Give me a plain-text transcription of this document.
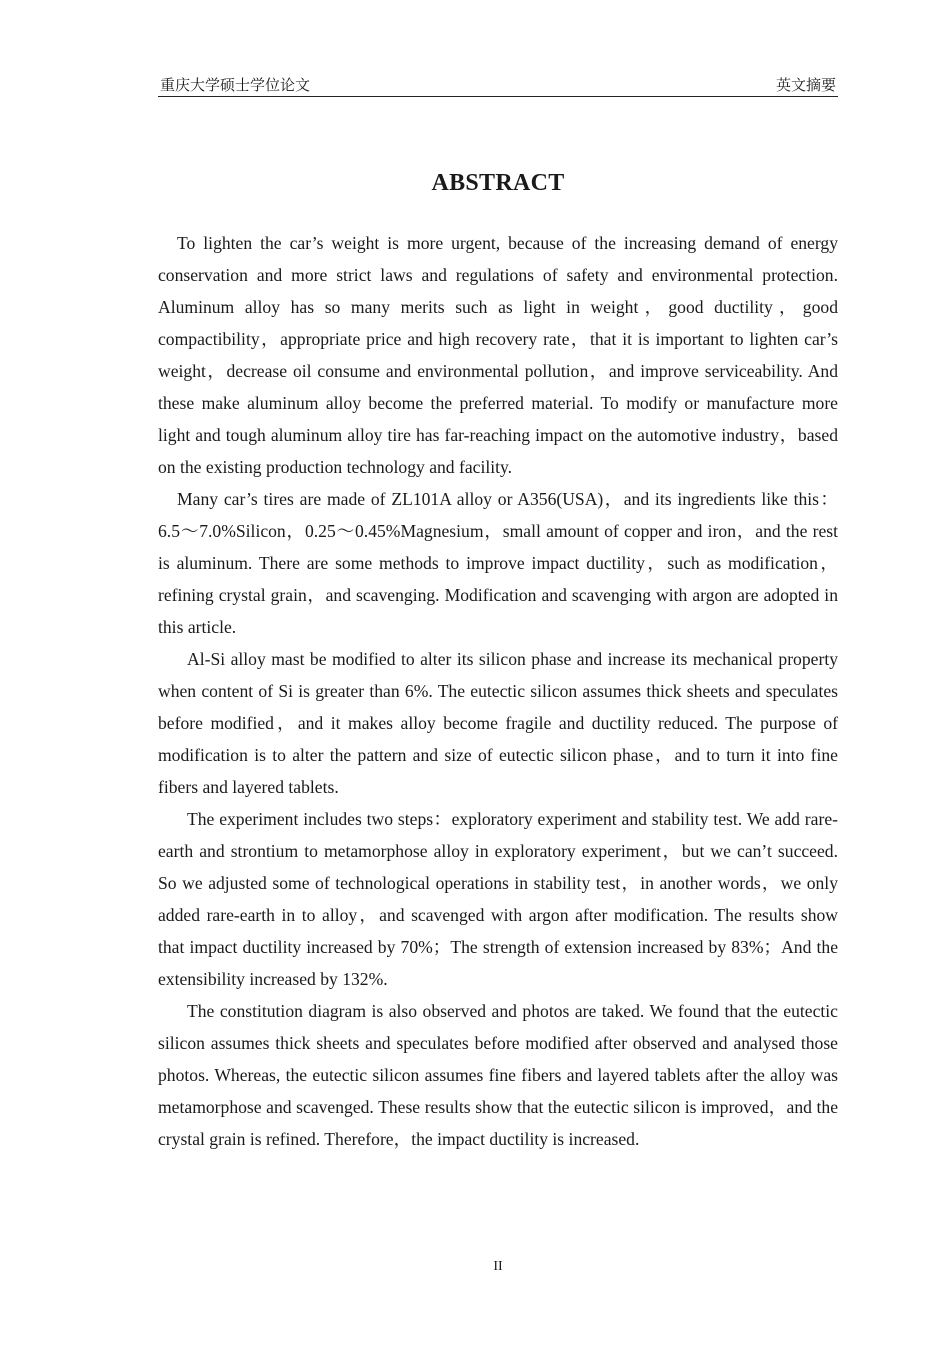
重庆大学硕士学位论文	英文摘要
ABSTRACT

To lighten the car’s weight is more urgent, because of the increasing demand of energy conservation and more strict laws and regulations of safety and environmental protection. Aluminum alloy has so many merits such as light in weight，good ductility，good compactibility，appropriate price and high recovery rate，that it is important to lighten car’s weight，decrease oil consume and environmental pollution，and improve serviceability. And these make aluminum alloy become the preferred material. To modify or manufacture more light and tough aluminum alloy tire has far-reaching impact on the automotive industry，based on the existing production technology and facility.

Many car’s tires are made of ZL101A alloy or A356(USA)，and its ingredients like this： 6.5～7.0%Silicon，0.25～0.45%Magnesium，small amount of copper and iron，and the rest is aluminum. There are some methods to improve impact ductility，such as modification，refining crystal grain，and scavenging. Modification and scavenging with argon are adopted in this article.

Al-Si alloy mast be modified to alter its silicon phase and increase its mechanical property when content of Si is greater than 6%. The eutectic silicon assumes thick sheets and speculates before modified，and it makes alloy become fragile and ductility reduced. The purpose of modification is to alter the pattern and size of eutectic silicon phase，and to turn it into fine fibers and layered tablets.

The experiment includes two steps：exploratory experiment and stability test. We add rare-earth and strontium to metamorphose alloy in exploratory experiment，but we can’t succeed. So we adjusted some of technological operations in stability test，in another words，we only added rare-earth in to alloy，and scavenged with argon after modification. The results show that impact ductility increased by 70%；The strength of extension increased by 83%；And the extensibility increased by 132%.

The constitution diagram is also observed and photos are taked. We found that the eutectic silicon assumes thick sheets and speculates before modified after observed and analysed those photos. Whereas, the eutectic silicon assumes fine fibers and layered tablets after the alloy was metamorphose and scavenged. These results show that the eutectic silicon is improved，and the crystal grain is refined. Therefore，the impact ductility is increased.

II
